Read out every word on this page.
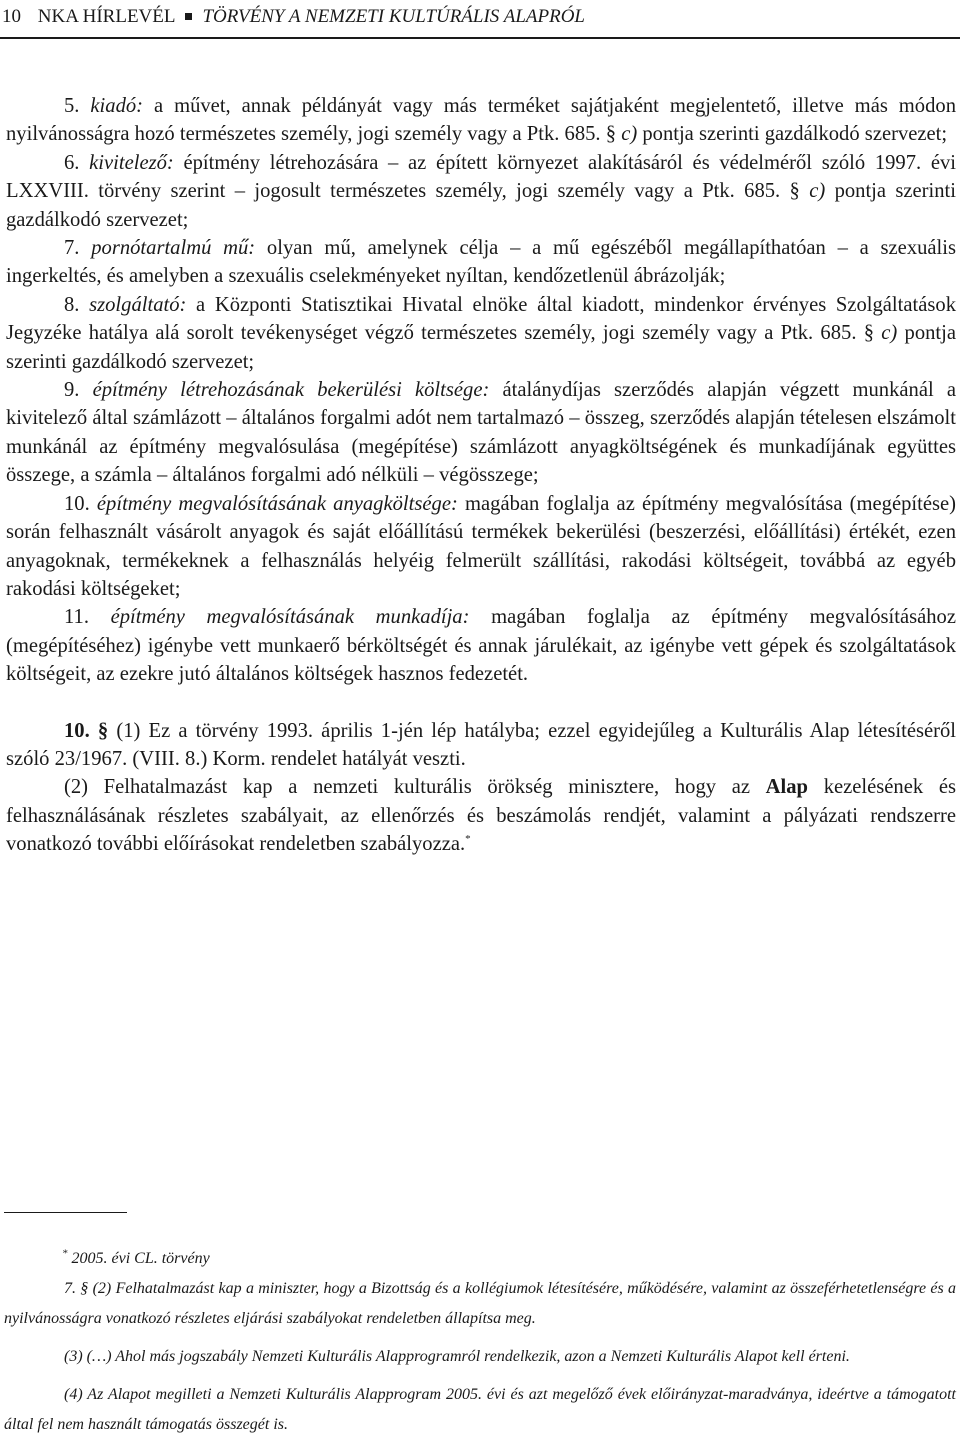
10 NKA HÍRLEVÉL TÖRVÉNY A NEMZETI KULTÚRÁLIS ALAPRÓL

5. kiadó: a művet, annak példányát vagy más terméket sajátjaként megjelentető, illetve más módon nyilvánosságra hozó természetes személy, jogi személy vagy a Ptk. 685. § c) pontja szerinti gazdálkodó szervezet;

6. kivitelező: építmény létrehozására – az épített környezet alakításáról és védelméről szóló 1997. évi LXXVIII. törvény szerint – jogosult természetes személy, jogi személy vagy a Ptk. 685. § c) pontja szerinti gazdálkodó szervezet;

7. pornótartalmú mű: olyan mű, amelynek célja – a mű egészéből megállapíthatóan – a szexuális ingerkeltés, és amelyben a szexuális cselekményeket nyíltan, kendőzetlenül ábrázolják;

8. szolgáltató: a Központi Statisztikai Hivatal elnöke által kiadott, mindenkor érvényes Szolgáltatások Jegyzéke hatálya alá sorolt tevékenységet végző természetes személy, jogi személy vagy a Ptk. 685. § c) pontja szerinti gazdálkodó szervezet;

9. építmény létrehozásának bekerülési költsége: átalánydíjas szerződés alapján végzett munkánál a kivitelező által számlázott – általános forgalmi adót nem tartalmazó – összeg, szerződés alapján tételesen elszámolt munkánál az építmény megvalósulása (megépítése) számlázott anyagköltségének és munkadíjának együttes összege, a számla – általános forgalmi adó nélküli – végösszege;

10. építmény megvalósításának anyagköltsége: magában foglalja az építmény megvalósítása (megépítése) során felhasznált vásárolt anyagok és saját előállítású termékek bekerülési (beszerzési, előállítási) értékét, ezen anyagoknak, termékeknek a felhasználás helyéig felmerült szállítási, rakodási költségeit, továbbá az egyéb rakodási költségeket;

11. építmény megvalósításának munkadíja: magában foglalja az építmény megvalósításához (megépítéséhez) igénybe vett munkaerő bérköltségét és annak járulékait, az igénybe vett gépek és szolgáltatások költségeit, az ezekre jutó általános költségek hasznos fedezetét.

10. § (1) Ez a törvény 1993. április 1-jén lép hatályba; ezzel egyidejűleg a Kulturális Alap létesítéséről szóló 23/1967. (VIII. 8.) Korm. rendelet hatályát veszti.

(2) Felhatalmazást kap a nemzeti kulturális örökség minisztere, hogy az Alap kezelésének és felhasználásának részletes szabályait, az ellenőrzés és beszámolás rendjét, valamint a pályázati rendszerre vonatkozó további előírásokat rendeletben szabályozza.*

* 2005. évi CL. törvény

7. § (2) Felhatalmazást kap a miniszter, hogy a Bizottság és a kollégiumok létesítésére, működésére, valamint az összeférhetetlenségre és a nyilvánosságra vonatkozó részletes eljárási szabályokat rendeletben állapítsa meg.

(3) (…) Ahol más jogszabály Nemzeti Kulturális Alapprogramról rendelkezik, azon a Nemzeti Kulturális Alapot kell érteni.

(4) Az Alapot megilleti a Nemzeti Kulturális Alapprogram 2005. évi és azt megelőző évek előirányzat-maradványa, ideértve a támogatott által fel nem használt támogatás összegét is.
